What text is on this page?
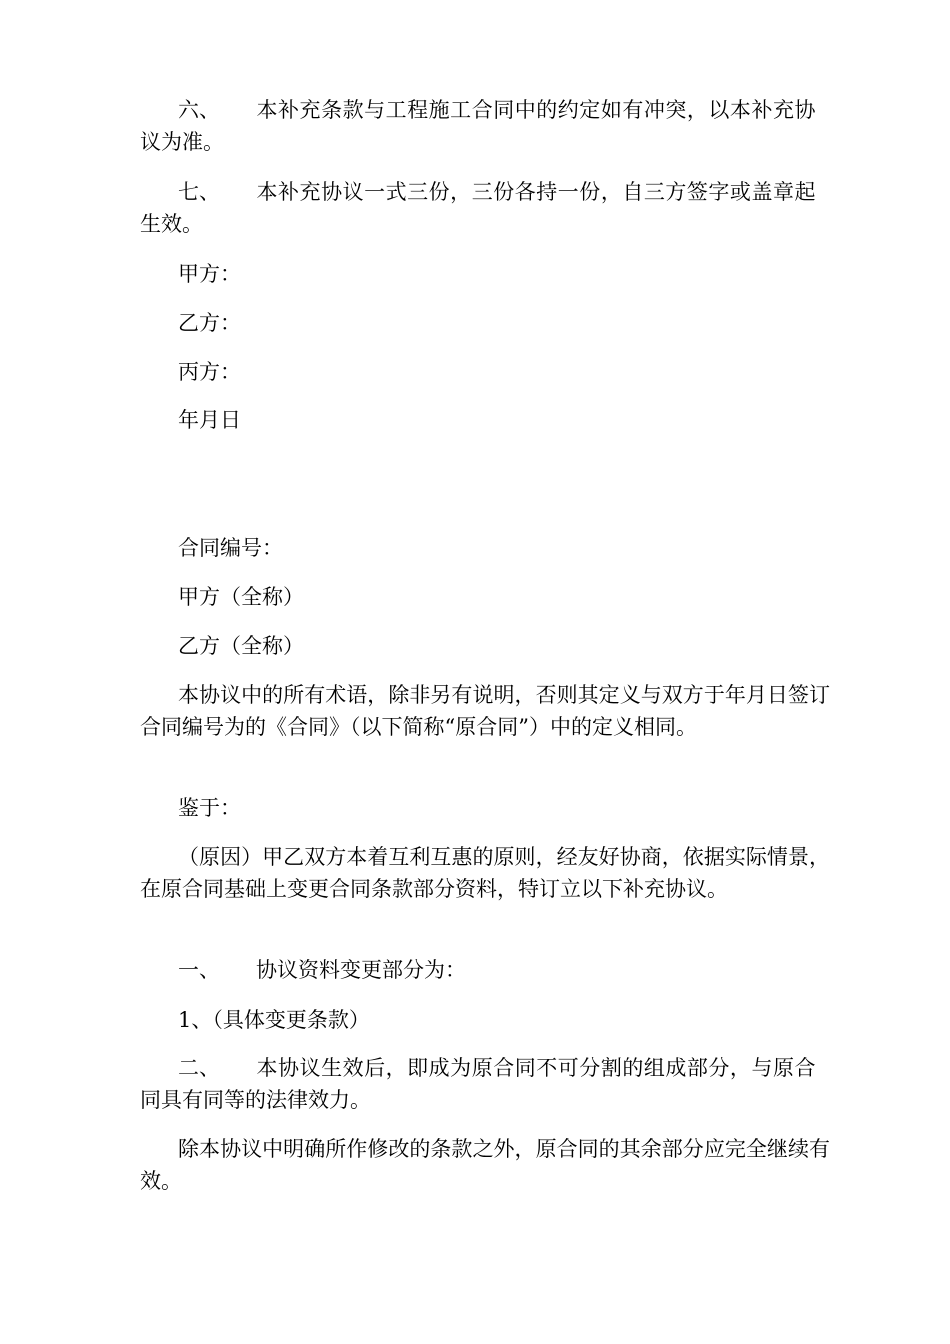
六、 本补充条款与工程施工合同中的约定如有冲突，以本补充协议为准。
七、 本补充协议一式三份，三份各持一份，自三方签字或盖章起生效。
甲方：
乙方：
丙方：
年月日
合同编号：
甲方（全称）
乙方（全称）
本协议中的所有术语，除非另有说明，否则其定义与双方于年月日签订合同编号为的《合同》（以下简称“原合同”）中的定义相同。
鉴于：
（原因）甲乙双方本着互利互惠的原则，经友好协商，依据实际情景，在原合同基础上变更合同条款部分资料，特订立以下补充协议。
一、 协议资料变更部分为：
1、（具体变更条款）
二、 本协议生效后，即成为原合同不可分割的组成部分，与原合同具有同等的法律效力。
除本协议中明确所作修改的条款之外，原合同的其余部分应完全继续有效。
